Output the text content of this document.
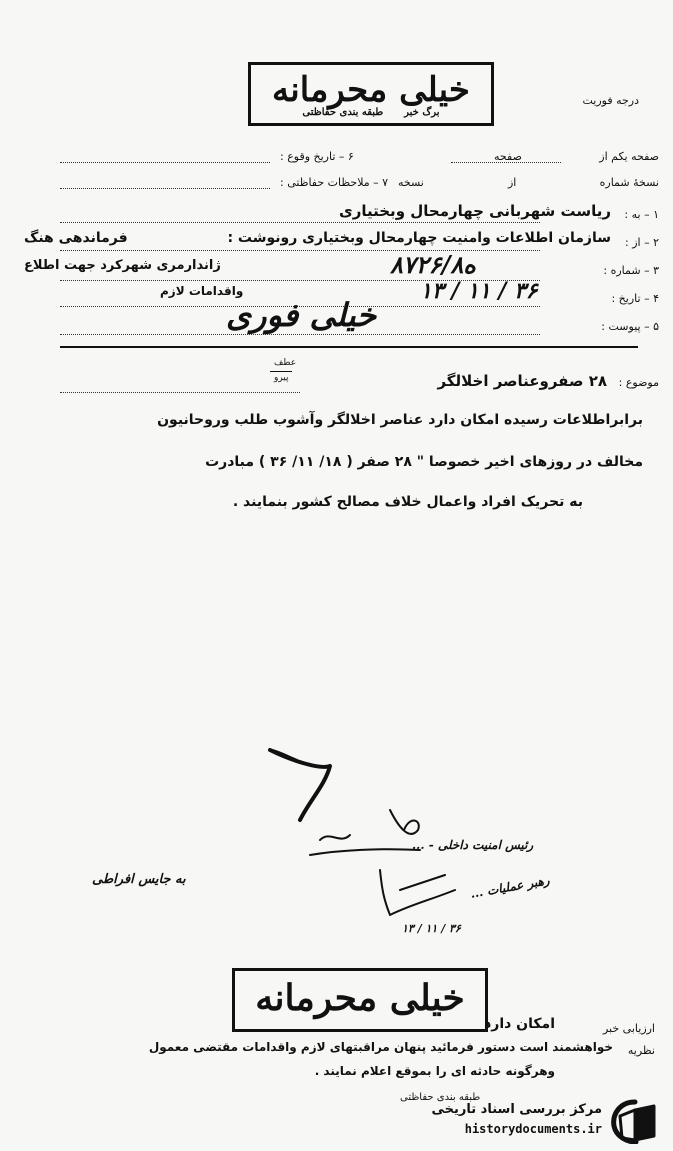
خیلی محرمانه
برگ خبر      طبقه بندی حفاظتی
درجه فوریت
صفحه یکم از
صفحه
۶ – تاریخ وقوع :
نسخهٔ شماره
از
نسخه
۷ – ملاحظات حفاظتی :
۱ – به :
ریاست شهربانی چهارمحال وبختیاری
۲ – از :
سازمان اطلاعات وامنیت چهارمحال وبختیاری رونوشت :
فرماندهی هنگ
۳ – شماره :
۸۷۲۶/۸ه
ژاندارمری شهرکرد جهت اطلاع
۴ – تاریخ :
۱۳ / ۱۱ / ۳۶
واقدامات لازم
۵ – پیوست :
خیلی فوری
عطف
پیرو	موضوع :
۲۸ صفروعناصر اخلالگر
برابراطلاعات رسیده امکان دارد عناصر اخلالگر وآشوب طلب وروحانیون
مخالف در روزهای اخیر خصوصا " ۲۸ صفر ( ۱۸/ ۱۱/ ۳۶ ) مبادرت
به تحریک افراد واعمال خلاف مصالح کشور بنمایند .
رئیس امنیت داخلی - ...
به جایس افراطی	رهبر عملیات ...
۱۳ / ۱۱ / ۳۶
خیلی محرمانه
ارزیابی خبر
امکان دارد
نظریه
خواهشمند است دستور فرمائید پنهان مراقبتهای لازم واقدامات مقتضی معمول
وهرگونه حادثه ای را بموقع اعلام نمایند .
طبقه بندی حفاظتی
مرکز بررسی اسناد تاریخی
historydocuments.ir
